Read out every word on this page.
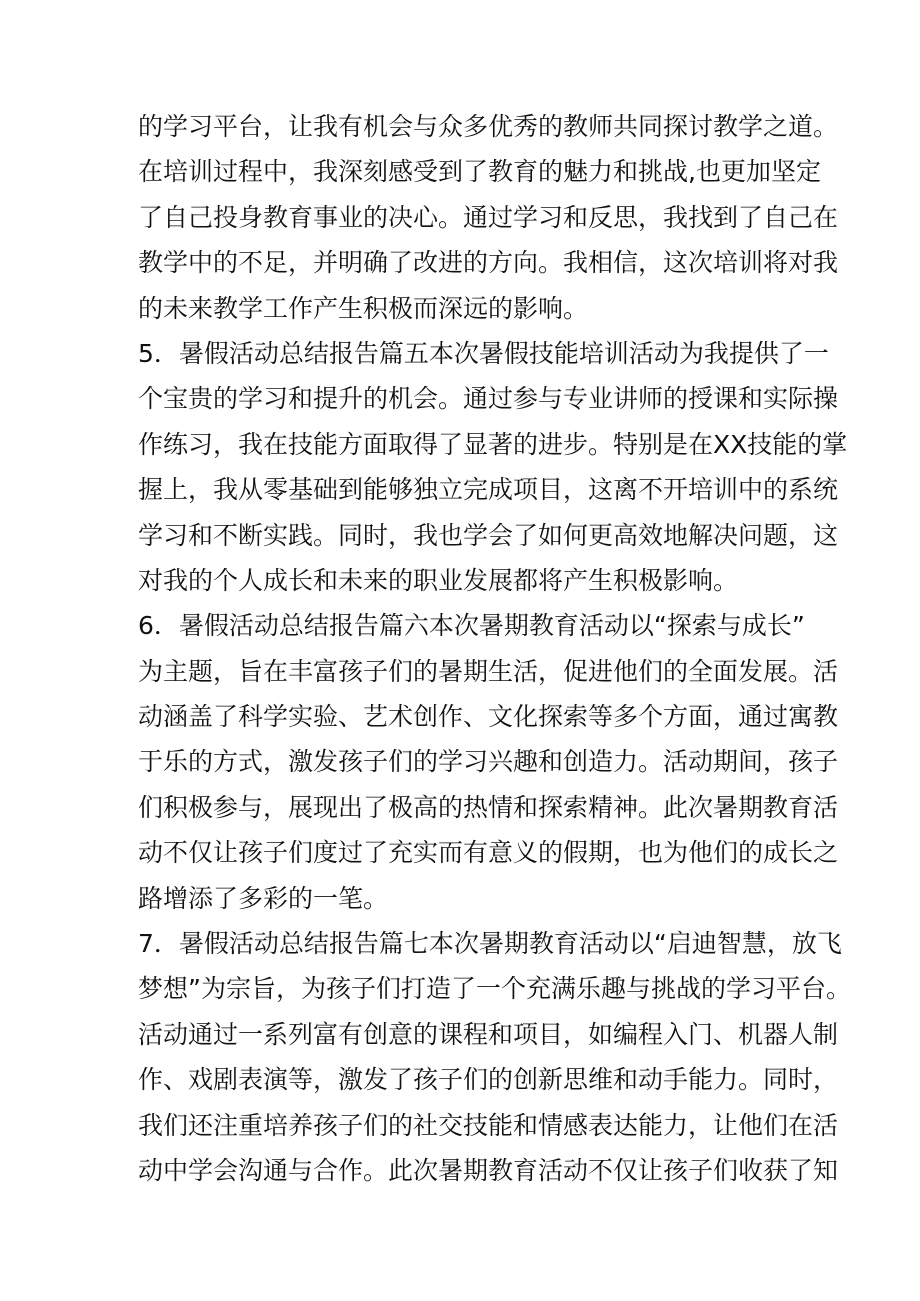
的学习平台，让我有机会与众多优秀的教师共同探讨教学之道。
在培训过程中，我深刻感受到了教育的魅力和挑战,也更加坚定
了自己投身教育事业的决心。通过学习和反思，我找到了自己在
教学中的不足，并明确了改进的方向。我相信，这次培训将对我
的未来教学工作产生积极而深远的影响。
5．暑假活动总结报告篇五本次暑假技能培训活动为我提供了一
个宝贵的学习和提升的机会。通过参与专业讲师的授课和实际操
作练习，我在技能方面取得了显著的进步。特别是在XX技能的掌
握上，我从零基础到能够独立完成项目，这离不开培训中的系统
学习和不断实践。同时，我也学会了如何更高效地解决问题，这
对我的个人成长和未来的职业发展都将产生积极影响。
6．暑假活动总结报告篇六本次暑期教育活动以“探索与成长”
为主题，旨在丰富孩子们的暑期生活，促进他们的全面发展。活
动涵盖了科学实验、艺术创作、文化探索等多个方面，通过寓教
于乐的方式，激发孩子们的学习兴趣和创造力。活动期间，孩子
们积极参与，展现出了极高的热情和探索精神。此次暑期教育活
动不仅让孩子们度过了充实而有意义的假期，也为他们的成长之
路增添了多彩的一笔。
7．暑假活动总结报告篇七本次暑期教育活动以“启迪智慧，放飞
梦想”为宗旨，为孩子们打造了一个充满乐趣与挑战的学习平台。
活动通过一系列富有创意的课程和项目，如编程入门、机器人制
作、戏剧表演等，激发了孩子们的创新思维和动手能力。同时，
我们还注重培养孩子们的社交技能和情感表达能力，让他们在活
动中学会沟通与合作。此次暑期教育活动不仅让孩子们收获了知
